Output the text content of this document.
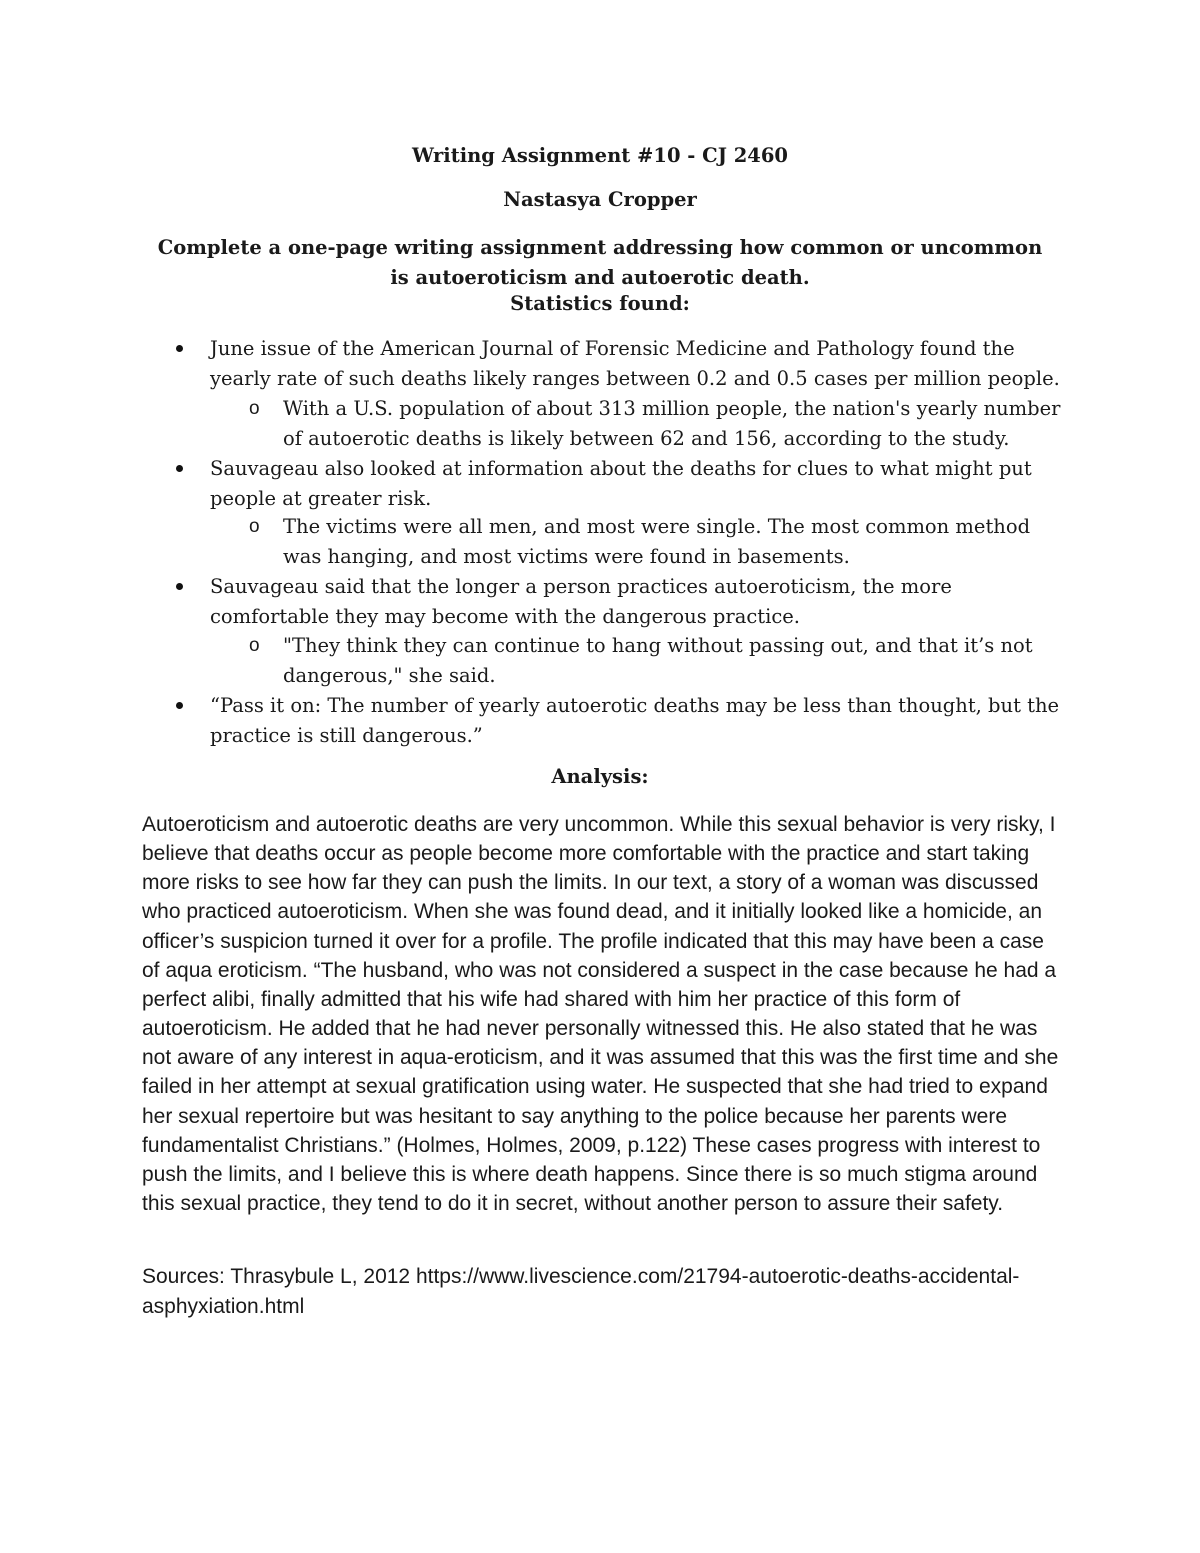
Writing Assignment #10 - CJ 2460
Nastasya Cropper
Complete a one-page writing assignment addressing how common or uncommon is autoeroticism and autoerotic death.
Statistics found:
June issue of the American Journal of Forensic Medicine and Pathology found the yearly rate of such deaths likely ranges between 0.2 and 0.5 cases per million people.
o With a U.S. population of about 313 million people, the nation's yearly number of autoerotic deaths is likely between 62 and 156, according to the study.
Sauvageau also looked at information about the deaths for clues to what might put people at greater risk.
o The victims were all men, and most were single. The most common method was hanging, and most victims were found in basements.
Sauvageau said that the longer a person practices autoeroticism, the more comfortable they may become with the dangerous practice.
o "They think they can continue to hang without passing out, and that it’s not dangerous," she said.
“Pass it on: The number of yearly autoerotic deaths may be less than thought, but the practice is still dangerous.”
Analysis:
Autoeroticism and autoerotic deaths are very uncommon. While this sexual behavior is very risky, I believe that deaths occur as people become more comfortable with the practice and start taking more risks to see how far they can push the limits. In our text, a story of a woman was discussed who practiced autoeroticism. When she was found dead, and it initially looked like a homicide, an officer’s suspicion turned it over for a profile. The profile indicated that this may have been a case of aqua eroticism. “The husband, who was not considered a suspect in the case because he had a perfect alibi, finally admitted that his wife had shared with him her practice of this form of autoeroticism. He added that he had never personally witnessed this. He also stated that he was not aware of any interest in aqua-eroticism, and it was assumed that this was the first time and she failed in her attempt at sexual gratification using water. He suspected that she had tried to expand her sexual repertoire but was hesitant to say anything to the police because her parents were fundamentalist Christians.” (Holmes, Holmes, 2009, p.122) These cases progress with interest to push the limits, and I believe this is where death happens. Since there is so much stigma around this sexual practice, they tend to do it in secret, without another person to assure their safety.
Sources: Thrasybule L, 2012 https://www.livescience.com/21794-autoerotic-deaths-accidental-asphyxiation.html
